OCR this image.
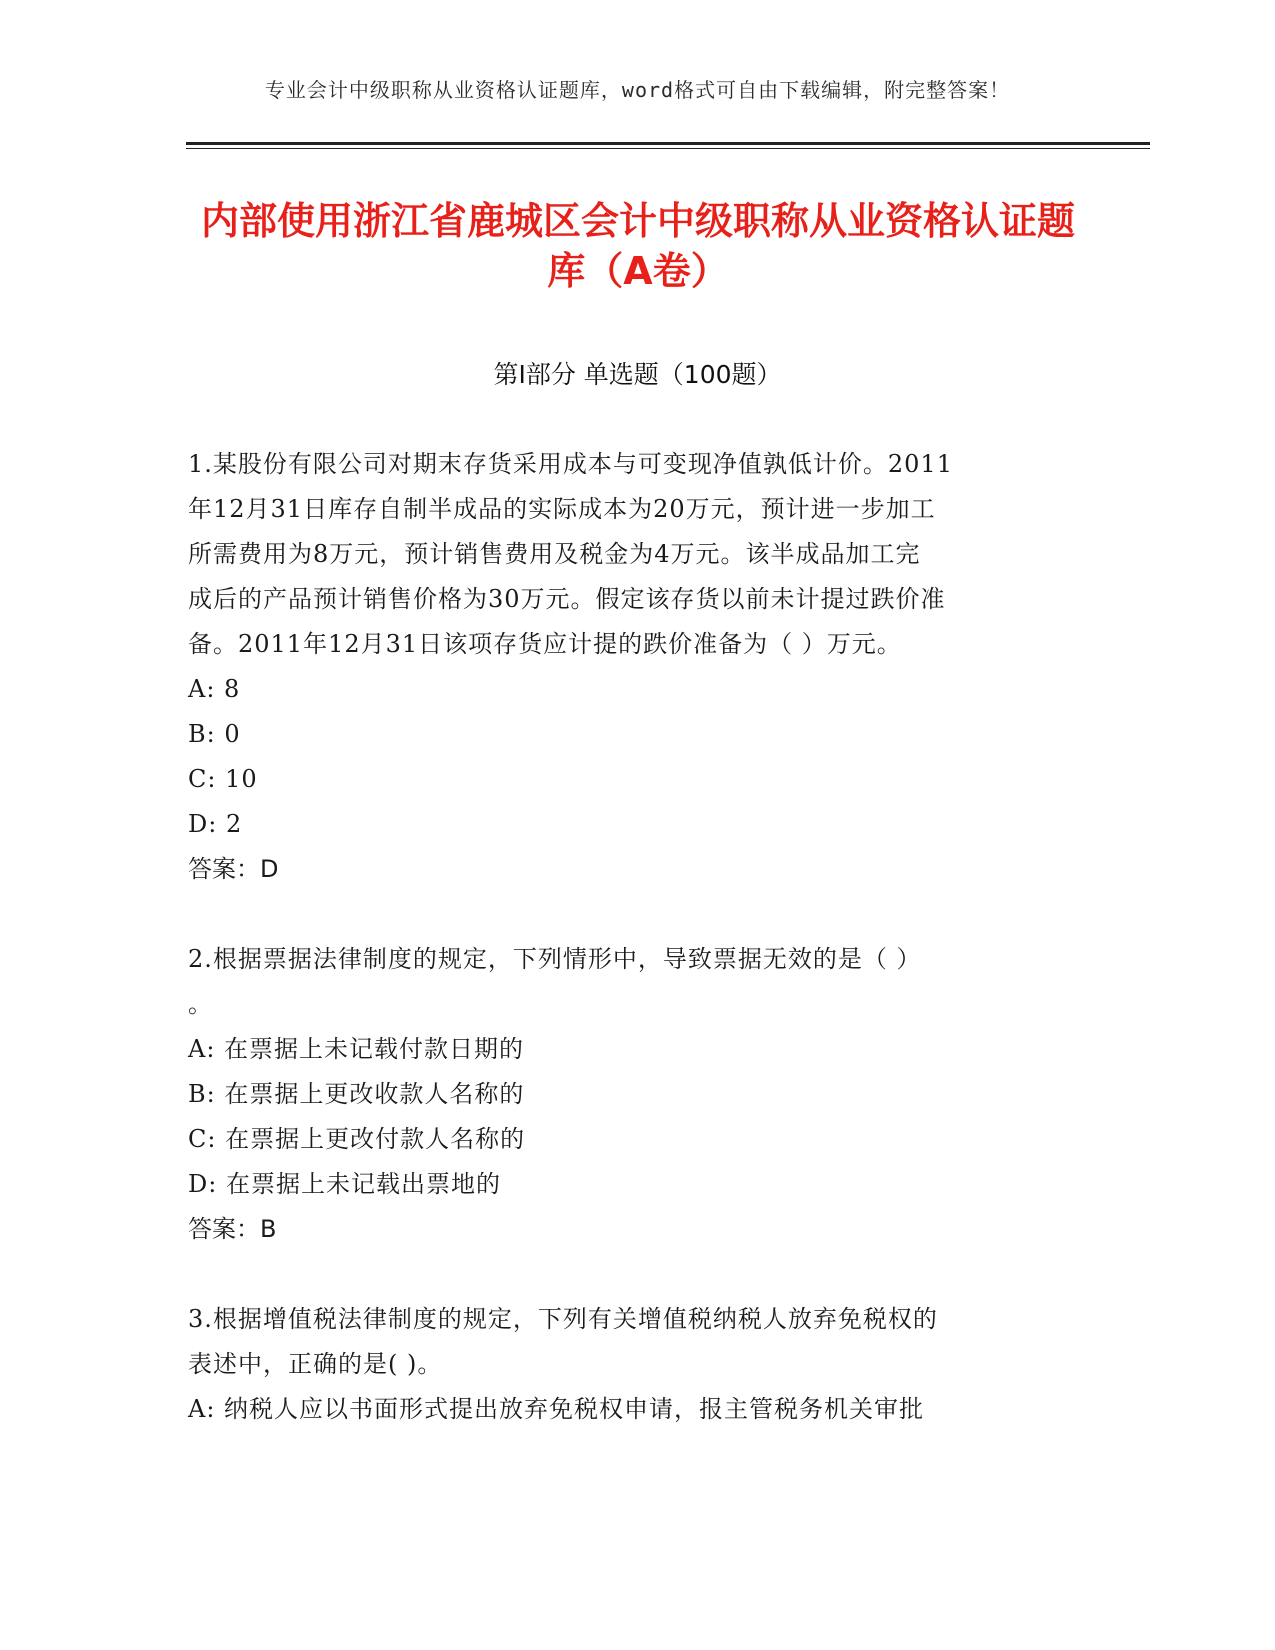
专业会计中级职称从业资格认证题库，word格式可自由下载编辑，附完整答案！
内部使用浙江省鹿城区会计中级职称从业资格认证题库（A卷）
第Ⅰ部分 单选题（100题）

1.某股份有限公司对期末存货采用成本与可变现净值孰低计价。2011

年12月31日库存自制半成品的实际成本为20万元，预计进一步加工

所需费用为8万元，预计销售费用及税金为4万元。该半成品加工完

成后的产品预计销售价格为30万元。假定该存货以前未计提过跌价准

备。2011年12月31日该项存货应计提的跌价准备为（ ）万元。

A: 8

B: 0

C: 10

D: 2

答案：D

2.根据票据法律制度的规定，下列情形中，导致票据无效的是（ ）

。

A: 在票据上未记载付款日期的

B: 在票据上更改收款人名称的

C: 在票据上更改付款人名称的

D: 在票据上未记载出票地的

答案：B

3.根据增值税法律制度的规定，下列有关增值税纳税人放弃免税权的

表述中，正确的是( )。

A: 纳税人应以书面形式提出放弃免税权申请，报主管税务机关审批
